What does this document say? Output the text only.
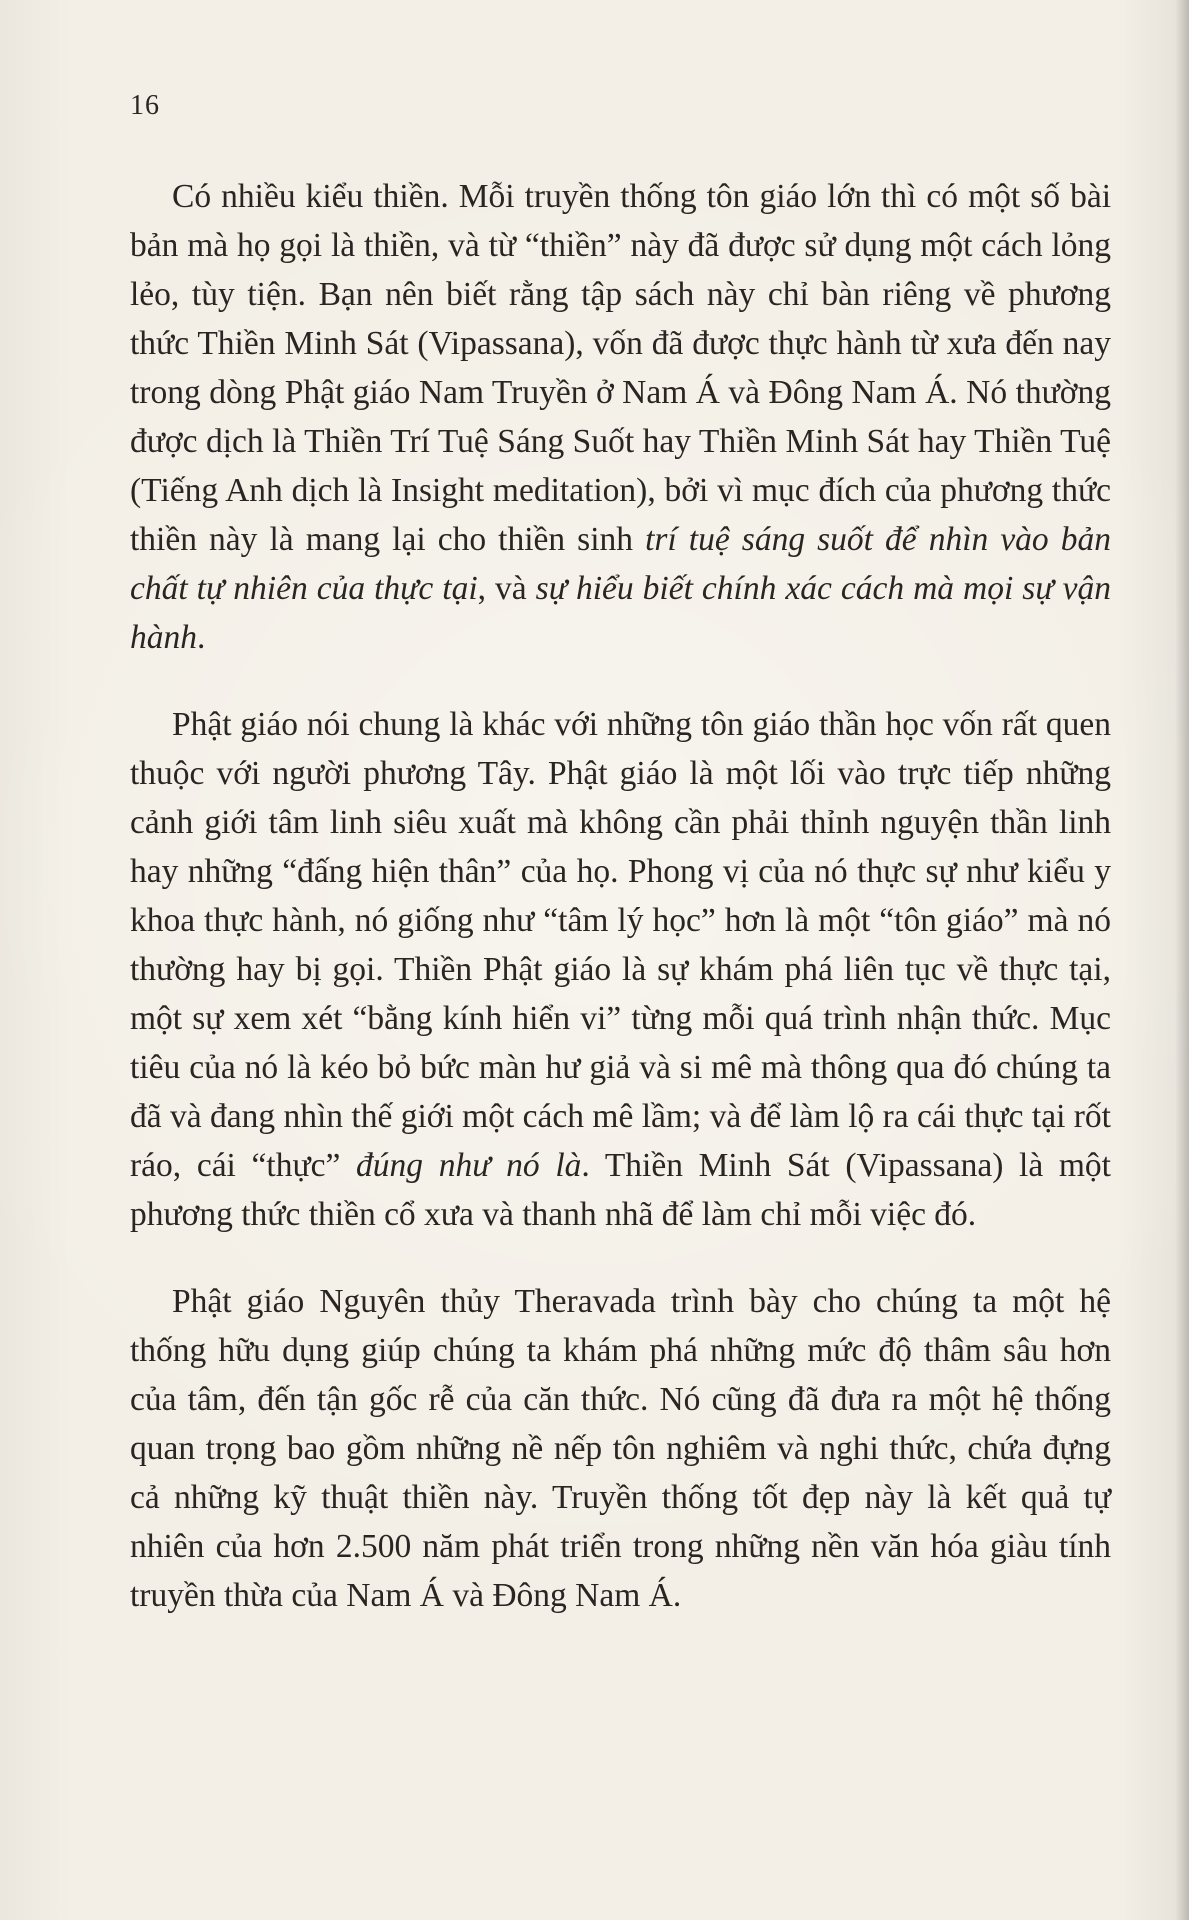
16

Có nhiều kiểu thiền. Mỗi truyền thống tôn giáo lớn thì có một số bài bản mà họ gọi là thiền, và từ “thiền” này đã được sử dụng một cách lỏng lẻo, tùy tiện. Bạn nên biết rằng tập sách này chỉ bàn riêng về phương thức Thiền Minh Sát (Vipassana), vốn đã được thực hành từ xưa đến nay trong dòng Phật giáo Nam Truyền ở Nam Á và Đông Nam Á. Nó thường được dịch là Thiền Trí Tuệ Sáng Suốt hay Thiền Minh Sát hay Thiền Tuệ (Tiếng Anh dịch là Insight meditation), bởi vì mục đích của phương thức thiền này là mang lại cho thiền sinh trí tuệ sáng suốt để nhìn vào bản chất tự nhiên của thực tại, và sự hiểu biết chính xác cách mà mọi sự vận hành.

Phật giáo nói chung là khác với những tôn giáo thần học vốn rất quen thuộc với người phương Tây. Phật giáo là một lối vào trực tiếp những cảnh giới tâm linh siêu xuất mà không cần phải thỉnh nguyện thần linh hay những “đấng hiện thân” của họ. Phong vị của nó thực sự như kiểu y khoa thực hành, nó giống như “tâm lý học” hơn là một “tôn giáo” mà nó thường hay bị gọi. Thiền Phật giáo là sự khám phá liên tục về thực tại, một sự xem xét “bằng kính hiển vi” từng mỗi quá trình nhận thức. Mục tiêu của nó là kéo bỏ bức màn hư giả và si mê mà thông qua đó chúng ta đã và đang nhìn thế giới một cách mê lầm; và để làm lộ ra cái thực tại rốt ráo, cái “thực” đúng như nó là. Thiền Minh Sát (Vipassana) là một phương thức thiền cổ xưa và thanh nhã để làm chỉ mỗi việc đó.

Phật giáo Nguyên thủy Theravada trình bày cho chúng ta một hệ thống hữu dụng giúp chúng ta khám phá những mức độ thâm sâu hơn của tâm, đến tận gốc rễ của căn thức. Nó cũng đã đưa ra một hệ thống quan trọng bao gồm những nề nếp tôn nghiêm và nghi thức, chứa đựng cả những kỹ thuật thiền này. Truyền thống tốt đẹp này là kết quả tự nhiên của hơn 2.500 năm phát triển trong những nền văn hóa giàu tính truyền thừa của Nam Á và Đông Nam Á.
